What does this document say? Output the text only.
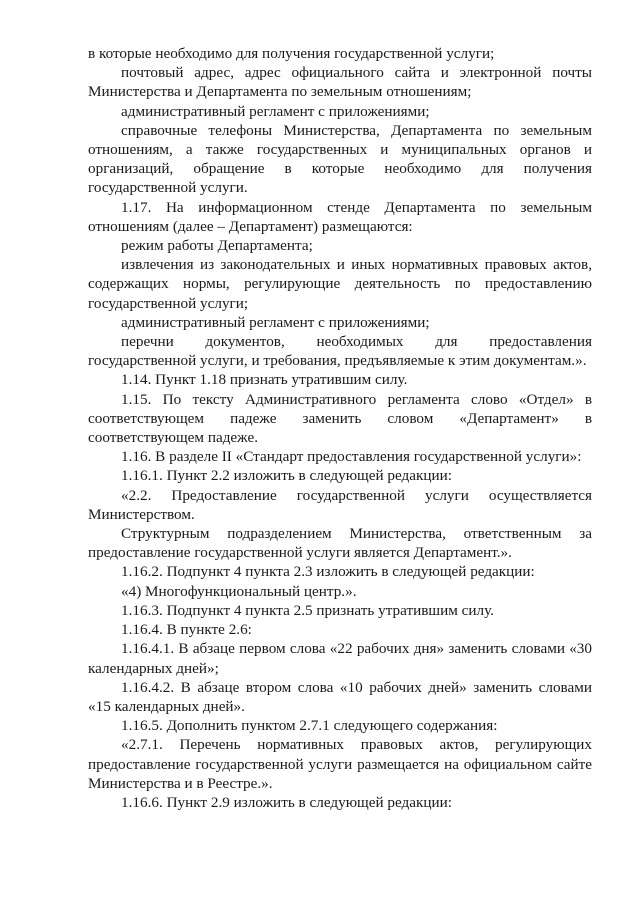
в которые необходимо для получения государственной услуги;

почтовый адрес, адрес официального сайта и электронной почты Министерства и Департамента по земельным отношениям;

административный регламент с приложениями;

справочные телефоны Министерства, Департамента по земельным отношениям, а также государственных и муниципальных органов и организаций, обращение в которые необходимо для получения государственной услуги.

1.17. На информационном стенде Департамента по земельным отношениям (далее – Департамент) размещаются:

режим работы Департамента;

извлечения из законодательных и иных нормативных правовых актов, содержащих нормы, регулирующие деятельность по предоставлению государственной услуги;

административный регламент с приложениями;

перечни документов, необходимых для предоставления государственной услуги, и требования, предъявляемые к этим документам.».

1.14. Пункт 1.18 признать утратившим силу.

1.15. По тексту Административного регламента слово «Отдел» в соответствующем падеже заменить словом «Департамент» в соответствующем падеже.

1.16. В разделе II «Стандарт предоставления государственной услуги»:

1.16.1. Пункт 2.2 изложить в следующей редакции:

«2.2. Предоставление государственной услуги осуществляется Министерством.

Структурным подразделением Министерства, ответственным за предоставление государственной услуги является Департамент.».

1.16.2. Подпункт 4 пункта 2.3 изложить в следующей редакции:

«4) Многофункциональный центр.».

1.16.3. Подпункт 4 пункта 2.5 признать утратившим силу.

1.16.4. В пункте 2.6:

1.16.4.1. В абзаце первом слова «22 рабочих дня» заменить словами «30 календарных дней»;

1.16.4.2. В абзаце втором слова «10 рабочих дней» заменить словами «15 календарных дней».

1.16.5. Дополнить пунктом 2.7.1 следующего содержания:

«2.7.1. Перечень нормативных правовых актов, регулирующих предоставление государственной услуги размещается на официальном сайте Министерства и в Реестре.».

1.16.6. Пункт 2.9 изложить в следующей редакции:
